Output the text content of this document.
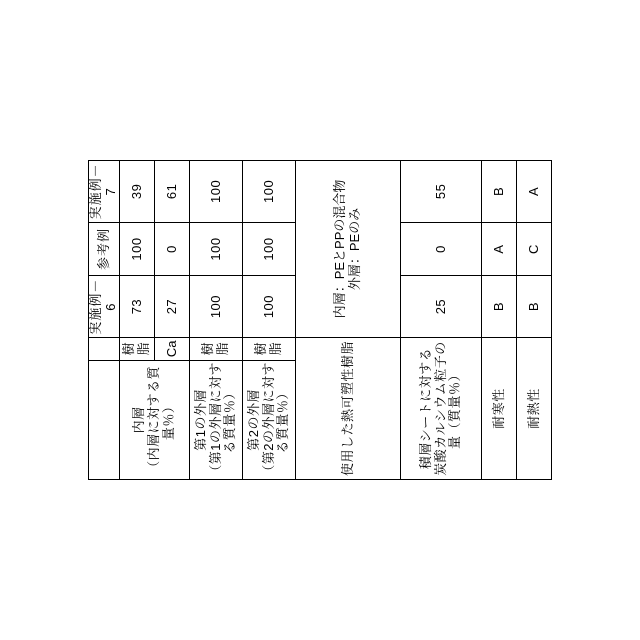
		実施例－6	参考例	実施例－7

内層 （内層に対する質量％）	樹脂	73	100	39
	Ca	27	0	61

第1の外層 （第1の外層に対する質量％）	樹脂	100	100	100

第2の外層 （第2の外層に対する質量％）	樹脂	100	100	100

使用した熱可塑性樹脂		内層：PEとPPの混合物 外層：PEのみ		

積層シートに対する 炭酸カルシウム粒子の量（質量％）		25	0	55

耐寒性		B	A	B

耐熱性		B	C	A
